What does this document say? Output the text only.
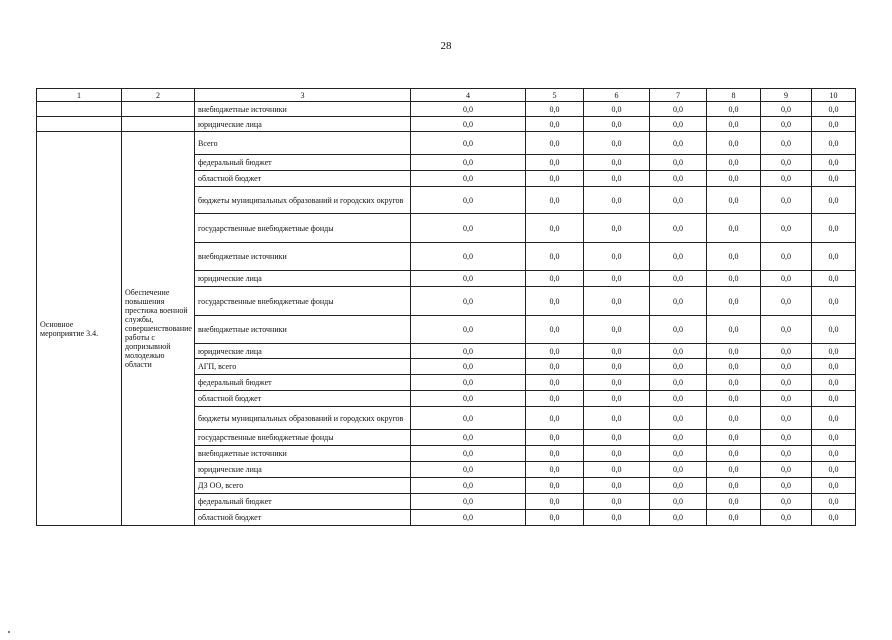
28
1	2	3	4	5	6	7	8	9	10
		внебюджетные источники	0,0	0,0	0,0	0,0	0,0	0,0	0,0
		юридические лица	0,0	0,0	0,0	0,0	0,0	0,0	0,0
Основное мероприятие 3.4.	Обеспечение повышения престижа военной службы, совершенствование работы с допризывной молодежью области	Всего	0,0	0,0	0,0	0,0	0,0	0,0	0,0
		федеральный бюджет	0,0	0,0	0,0	0,0	0,0	0,0	0,0
		областной бюджет	0,0	0,0	0,0	0,0	0,0	0,0	0,0
		бюджеты муниципальных образований и городских округов	0,0	0,0	0,0	0,0	0,0	0,0	0,0
		государственные внебюджетные фонды	0,0	0,0	0,0	0,0	0,0	0,0	0,0
		внебюджетные источники	0,0	0,0	0,0	0,0	0,0	0,0	0,0
		юридические лица	0,0	0,0	0,0	0,0	0,0	0,0	0,0
		государственные внебюджетные фонды	0,0	0,0	0,0	0,0	0,0	0,0	0,0
		внебюджетные источники	0,0	0,0	0,0	0,0	0,0	0,0	0,0
		юридические лица	0,0	0,0	0,0	0,0	0,0	0,0	0,0
		АГП, всего	0,0	0,0	0,0	0,0	0,0	0,0	0,0
		федеральный бюджет	0,0	0,0	0,0	0,0	0,0	0,0	0,0
		областной бюджет	0,0	0,0	0,0	0,0	0,0	0,0	0,0
		бюджеты муниципальных образований и городских округов	0,0	0,0	0,0	0,0	0,0	0,0	0,0
		государственные внебюджетные фонды	0,0	0,0	0,0	0,0	0,0	0,0	0,0
		внебюджетные источники	0,0	0,0	0,0	0,0	0,0	0,0	0,0
		юридические лица	0,0	0,0	0,0	0,0	0,0	0,0	0,0
		ДЗ ОО, всего	0,0	0,0	0,0	0,0	0,0	0,0	0,0
		федеральный бюджет	0,0	0,0	0,0	0,0	0,0	0,0	0,0
		областной бюджет	0,0	0,0	0,0	0,0	0,0	0,0	0,0
